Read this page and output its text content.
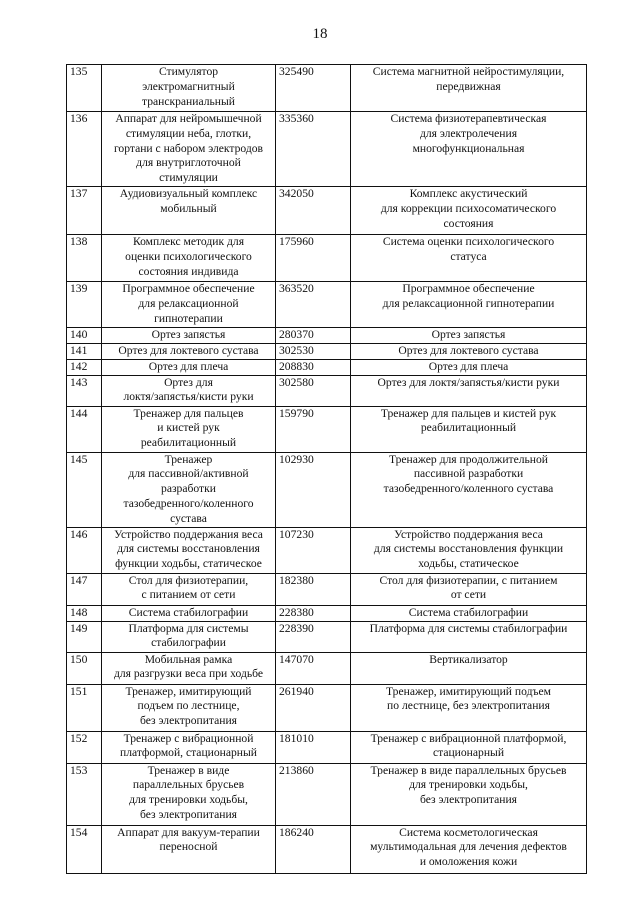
18
135	Стимулятор
электромагнитный
транскраниальный	325490	Система магнитной нейростимуляции,
передвижная
136	Аппарат для нейромышечной
стимуляции неба, глотки,
гортани с набором электродов
для внутриглоточной
стимуляции	335360	Система физиотерапевтическая
для электролечения
многофункциональная
137	Аудиовизуальный комплекс
мобильный	342050	Комплекс акустический
для коррекции психосоматического
состояния
138	Комплекс методик для
оценки психологического
состояния индивида	175960	Система оценки психологического
статуса
139	Программное обеспечение
для релаксационной
гипнотерапии	363520	Программное обеспечение
для релаксационной гипнотерапии
140	Ортез запястья	280370	Ортез запястья
141	Ортез для локтевого сустава	302530	Ортез для локтевого сустава
142	Ортез для плеча	208830	Ортез для плеча
143	Ортез для
локтя/запястья/кисти руки	302580	Ортез для локтя/запястья/кисти руки
144	Тренажер для пальцев
и кистей рук
реабилитационный	159790	Тренажер для пальцев и кистей рук
реабилитационный
145	Тренажер
для пассивной/активной
разработки
тазобедренного/коленного
сустава	102930	Тренажер для продолжительной
пассивной разработки
тазобедренного/коленного сустава
146	Устройство поддержания веса
для системы восстановления
функции ходьбы, статическое	107230	Устройство поддержания веса
для системы восстановления функции
ходьбы, статическое
147	Стол для физиотерапии,
с питанием от сети	182380	Стол для физиотерапии, с питанием
от сети
148	Система стабилографии	228380	Система стабилографии
149	Платформа для системы
стабилографии	228390	Платформа для системы стабилографии
150	Мобильная рамка
для разгрузки веса при ходьбе	147070	Вертикализатор
151	Тренажер, имитирующий
подъем по лестнице,
без электропитания	261940	Тренажер, имитирующий подъем
по лестнице, без электропитания
152	Тренажер с вибрационной
платформой, стационарный	181010	Тренажер с вибрационной платформой,
стационарный
153	Тренажер в виде
параллельных брусьев
для тренировки ходьбы,
без электропитания	213860	Тренажер в виде параллельных брусьев
для тренировки ходьбы,
без электропитания
154	Аппарат для вакуум-терапии
переносной	186240	Система косметологическая
мультимодальная для лечения дефектов
и омоложения кожи
